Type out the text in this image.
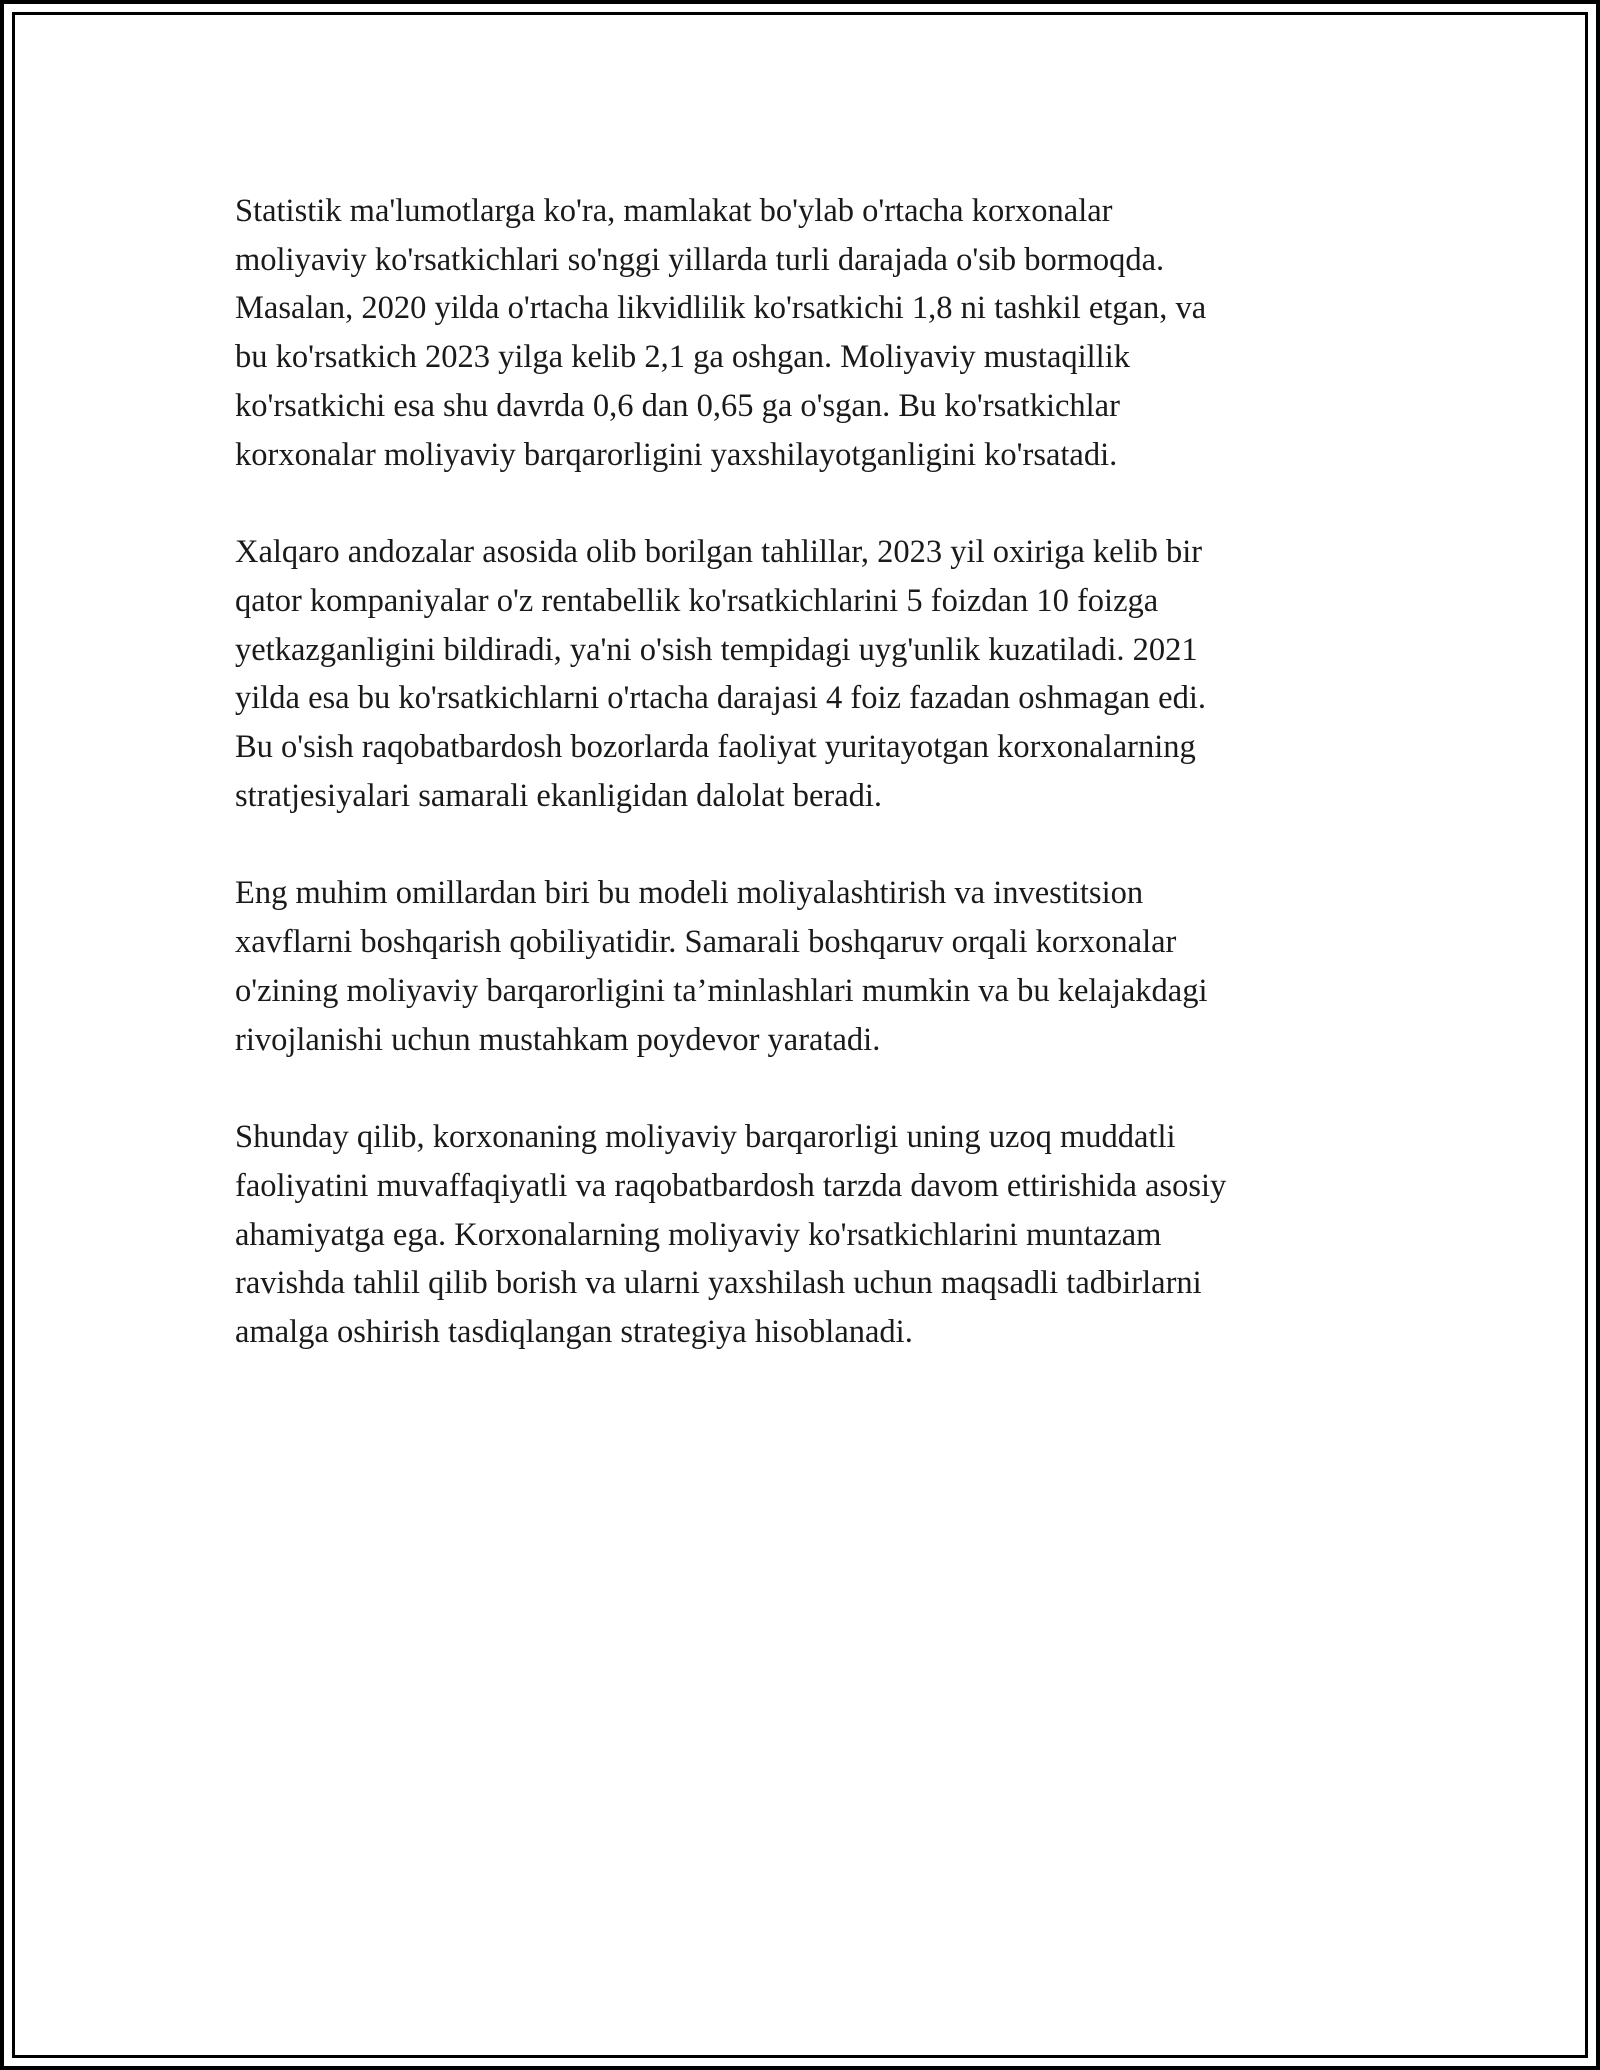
Statistik ma'lumotlarga ko'ra, mamlakat bo'ylab o'rtacha korxonalar
moliyaviy ko'rsatkichlari so'nggi yillarda turli darajada o'sib bormoqda.
Masalan, 2020 yilda o'rtacha likvidlilik ko'rsatkichi 1,8 ni tashkil etgan, va
bu ko'rsatkich 2023 yilga kelib 2,1 ga oshgan. Moliyaviy mustaqillik
ko'rsatkichi esa shu davrda 0,6 dan 0,65 ga o'sgan. Bu ko'rsatkichlar
korxonalar moliyaviy barqarorligini yaxshilayotganligini ko'rsatadi.

Xalqaro andozalar asosida olib borilgan tahlillar, 2023 yil oxiriga kelib bir
qator kompaniyalar o'z rentabellik ko'rsatkichlarini 5 foizdan 10 foizga
yetkazganligini bildiradi, ya'ni o'sish tempidagi uyg'unlik kuzatiladi. 2021
yilda esa bu ko'rsatkichlarni o'rtacha darajasi 4 foiz fazadan oshmagan edi.
Bu o'sish raqobatbardosh bozorlarda faoliyat yuritayotgan korxonalarning
stratjesiyalari samarali ekanligidan dalolat beradi.

Eng muhim omillardan biri bu modeli moliyalashtirish va investitsion
xavflarni boshqarish qobiliyatidir. Samarali boshqaruv orqali korxonalar
o'zining moliyaviy barqarorligini ta’minlashlari mumkin va bu kelajakdagi
rivojlanishi uchun mustahkam poydevor yaratadi.

Shunday qilib, korxonaning moliyaviy barqarorligi uning uzoq muddatli
faoliyatini muvaffaqiyatli va raqobatbardosh tarzda davom ettirishida asosiy
ahamiyatga ega. Korxonalarning moliyaviy ko'rsatkichlarini muntazam
ravishda tahlil qilib borish va ularni yaxshilash uchun maqsadli tadbirlarni
amalga oshirish tasdiqlangan strategiya hisoblanadi.
